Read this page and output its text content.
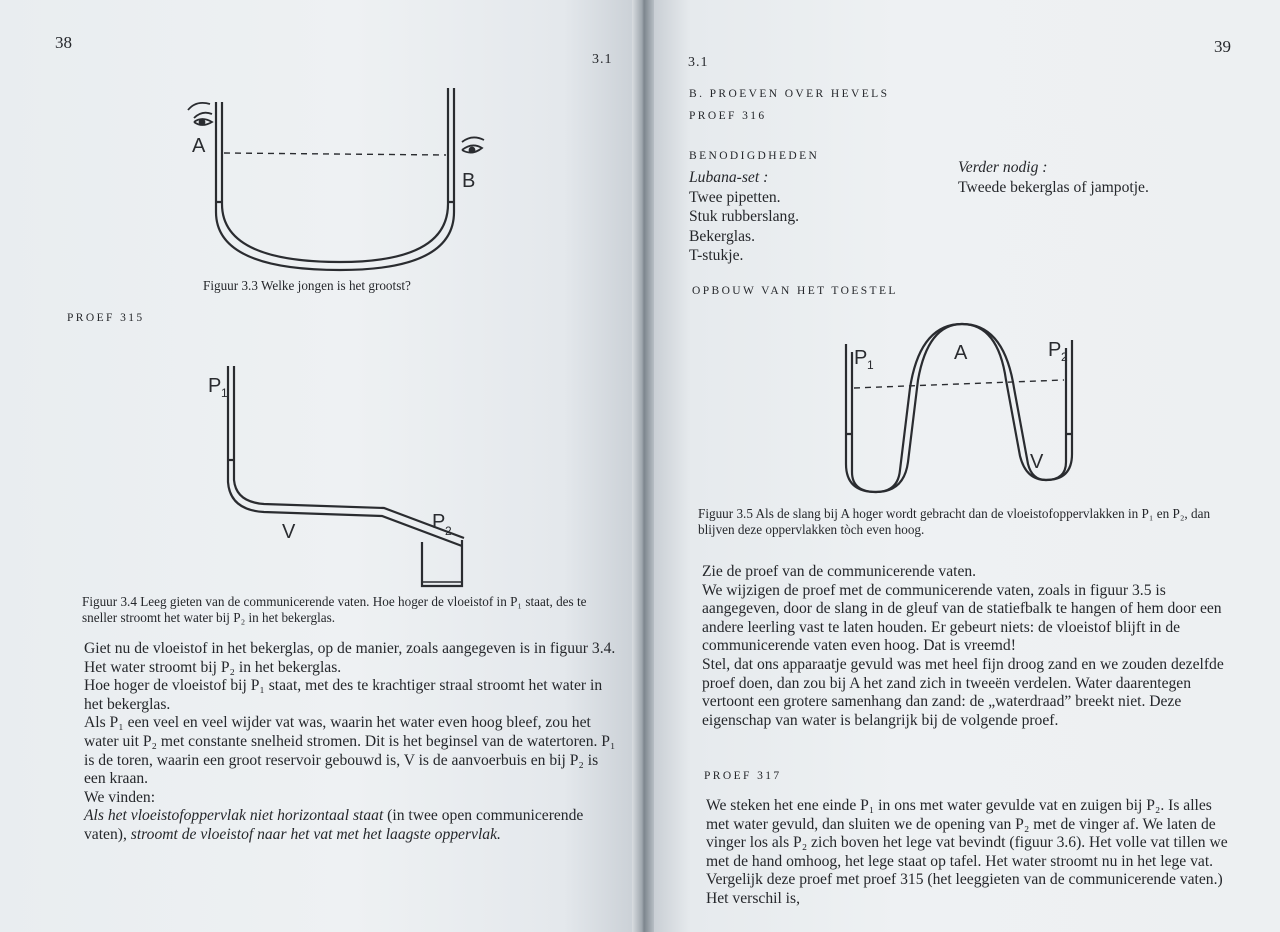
38
3.1
A
B
Figuur 3.3 Welke jongen is het grootst?
PROEF 315
P 1
V	P 2
Figuur 3.4 Leeg gieten van de communicerende vaten. Hoe hoger de vloeistof in P₁ staat, des te sneller stroomt het water bij P₂ in het bekerglas.

Giet nu de vloeistof in het bekerglas, op de manier, zoals aangegeven is in figuur 3.4. Het water stroomt bij P₂ in het bekerglas.

Hoe hoger de vloeistof bij P₁ staat, met des te krachtiger straal stroomt het water in het bekerglas.

Als P₁ een veel en veel wijder vat was, waarin het water even hoog bleef, zou het water uit P₂ met constante snelheid stromen. Dit is het beginsel van de watertoren. P₁ is de toren, waarin een groot reservoir gebouwd is, V is de aanvoerbuis en bij P₂ is een kraan.

We vinden:

Als het vloeistofoppervlak niet horizontaal staat (in twee open communicerende vaten), stroomt de vloeistof naar het vat met het laagste oppervlak.

3.1
39
B. PROEVEN OVER HEVELS
PROEF 316
BENODIGDHEDEN
Lubana-set :
Twee pipetten.
Stuk rubberslang.
Bekerglas.
T-stukje.
Verder nodig :
Tweede bekerglas of jampotje.
OPBOUW VAN HET TOESTEL
P 1
A	P 2
V
Figuur 3.5 Als de slang bij A hoger wordt gebracht dan de vloeistofoppervlakken in P₁ en P₂, dan blijven deze oppervlakken tòch even hoog.

Zie de proef van de communicerende vaten.

We wijzigen de proef met de communicerende vaten, zoals in figuur 3.5 is aangegeven, door de slang in de gleuf van de statiefbalk te hangen of hem door een andere leerling vast te laten houden. Er gebeurt niets: de vloeistof blijft in de communicerende vaten even hoog. Dat is vreemd!

Stel, dat ons apparaatje gevuld was met heel fijn droog zand en we zouden dezelfde proef doen, dan zou bij A het zand zich in tweeën verdelen. Water daarentegen vertoont een grotere samenhang dan zand: de „waterdraad” breekt niet. Deze eigenschap van water is belangrijk bij de volgende proef.

PROEF 317
We steken het ene einde P₁ in ons met water gevulde vat en zuigen bij P₂. Is alles met water gevuld, dan sluiten we de opening van P₂ met de vinger af. We laten de vinger los als P₂ zich boven het lege vat bevindt (figuur 3.6). Het volle vat tillen we met de hand omhoog, het lege staat op tafel. Het water stroomt nu in het lege vat. Vergelijk deze proef met proef 315 (het leeggieten van de communicerende vaten.) Het verschil is,
